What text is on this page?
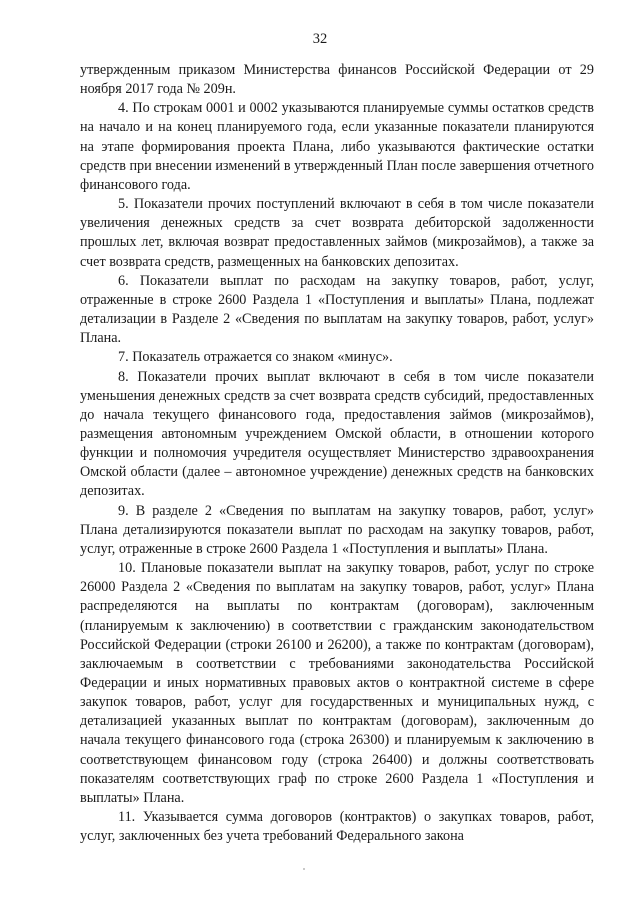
32

утвержденным приказом Министерства финансов Российской Федерации от 29 ноября 2017 года № 209н.

4. По строкам 0001 и 0002 указываются планируемые суммы остатков средств на начало и на конец планируемого года, если указанные показатели планируются на этапе формирования проекта Плана, либо указываются фактические остатки средств при внесении изменений в утвержденный План после завершения отчетного финансового года.

5. Показатели прочих поступлений включают в себя в том числе показатели увеличения денежных средств за счет возврата дебиторской задолженности прошлых лет, включая возврат предоставленных займов (микрозаймов), а также за счет возврата средств, размещенных на банковских депозитах.

6. Показатели выплат по расходам на закупку товаров, работ, услуг, отраженные в строке 2600 Раздела 1 «Поступления и выплаты» Плана, подлежат детализации в Разделе 2 «Сведения по выплатам на закупку товаров, работ, услуг» Плана.

7. Показатель отражается со знаком «минус».

8. Показатели прочих выплат включают в себя в том числе показатели уменьшения денежных средств за счет возврата средств субсидий, предоставленных до начала текущего финансового года, предоставления займов (микрозаймов), размещения автономным учреждением Омской области, в отношении которого функции и полномочия учредителя осуществляет Министерство здравоохранения Омской области (далее – автономное учреждение) денежных средств на банковских депозитах.

9. В разделе 2 «Сведения по выплатам на закупку товаров, работ, услуг» Плана детализируются показатели выплат по расходам на закупку товаров, работ, услуг, отраженные в строке 2600 Раздела 1 «Поступления и выплаты» Плана.

10. Плановые показатели выплат на закупку товаров, работ, услуг по строке 26000 Раздела 2 «Сведения по выплатам на закупку товаров, работ, услуг» Плана распределяются на выплаты по контрактам (договорам), заключенным (планируемым к заключению) в соответствии с гражданским законодательством Российской Федерации (строки 26100 и 26200), а также по контрактам (договорам), заключаемым в соответствии с требованиями законодательства Российской Федерации и иных нормативных правовых актов о контрактной системе в сфере закупок товаров, работ, услуг для государственных и муниципальных нужд, с детализацией указанных выплат по контрактам (договорам), заключенным до начала текущего финансового года (строка 26300) и планируемым к заключению в соответствующем финансовом году (строка 26400) и должны соответствовать показателям соответствующих граф по строке 2600 Раздела 1 «Поступления и выплаты» Плана.

11. Указывается сумма договоров (контрактов) о закупках товаров, работ, услуг, заключенных без учета требований Федерального закона
